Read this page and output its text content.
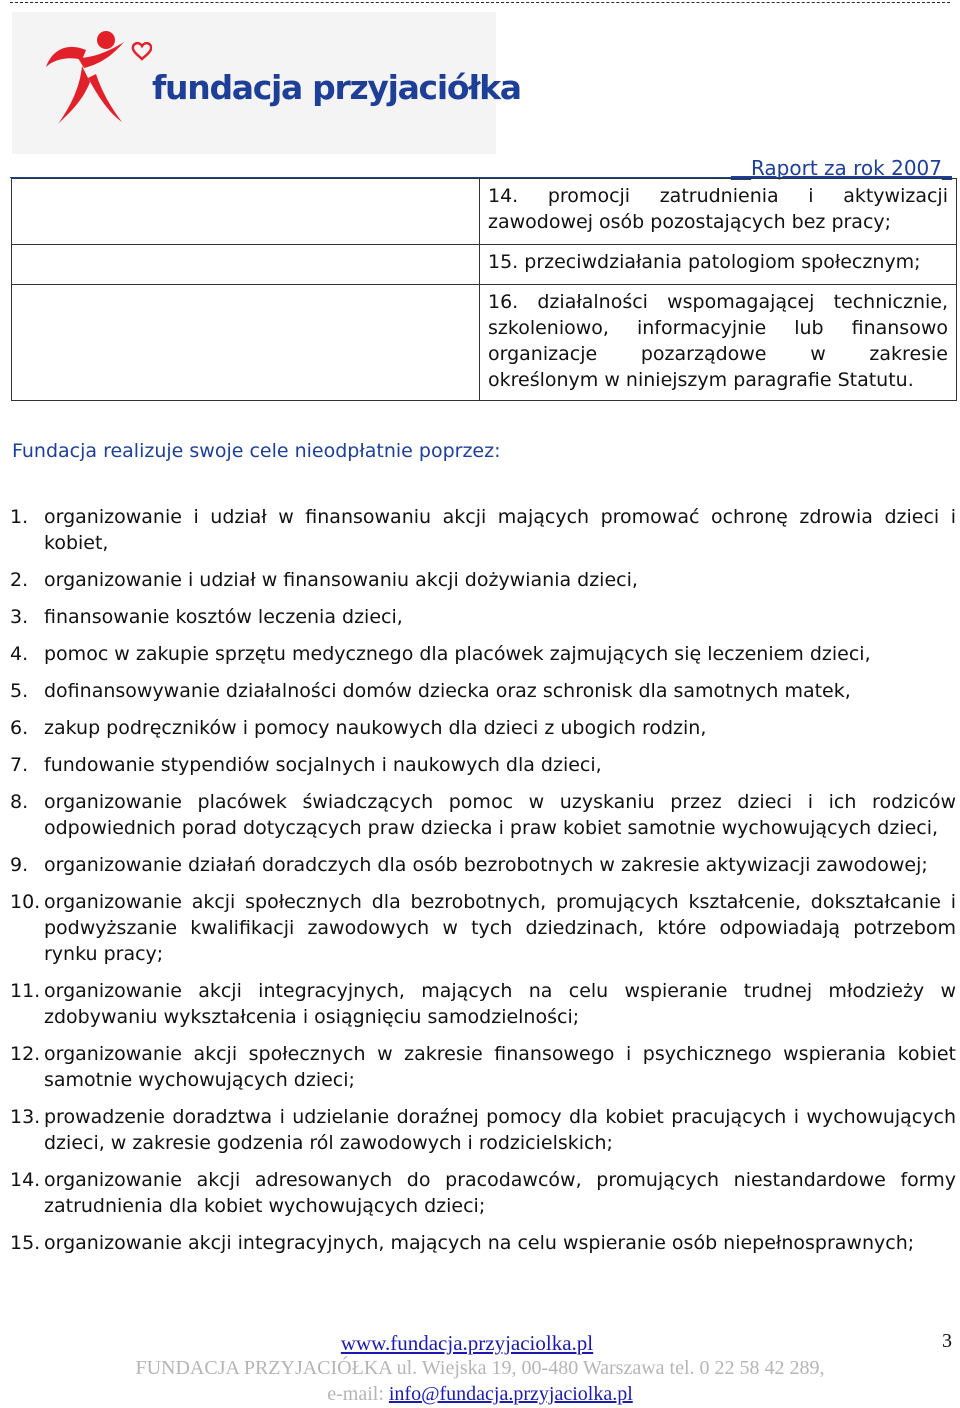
fundacja przyjaciółka
__Raport za rok 2007_
	14. promocji zatrudnienia i aktywizacji zawodowej osób pozostających bez pracy;
	15. przeciwdziałania patologiom społecznym;
	16. działalności wspomagającej technicznie, szkoleniowo, informacyjnie lub finansowo organizacje pozarządowe w zakresie określonym w niniejszym paragrafie Statutu.
Fundacja realizuje swoje cele nieodpłatnie poprzez:
1. organizowanie i udział w finansowaniu akcji mających promować ochronę zdrowia dzieci i kobiet,
2. organizowanie i udział w finansowaniu akcji dożywiania dzieci,
3. finansowanie kosztów leczenia dzieci,
4. pomoc w zakupie sprzętu medycznego dla placówek zajmujących się leczeniem dzieci,
5. dofinansowywanie działalności domów dziecka oraz schronisk dla samotnych matek,
6. zakup podręczników i pomocy naukowych dla dzieci z ubogich rodzin,
7. fundowanie stypendiów socjalnych i naukowych dla dzieci,
8. organizowanie placówek świadczących pomoc w uzyskaniu przez dzieci i ich rodziców odpowiednich porad dotyczących praw dziecka i praw kobiet samotnie wychowujących dzieci,
9. organizowanie działań doradczych dla osób bezrobotnych w zakresie aktywizacji zawodowej;
10. organizowanie akcji społecznych dla bezrobotnych, promujących kształcenie, dokształcanie i podwyższanie kwalifikacji zawodowych w tych dziedzinach, które odpowiadają potrzebom rynku pracy;
11. organizowanie akcji integracyjnych, mających na celu wspieranie trudnej młodzieży w zdobywaniu wykształcenia i osiągnięciu samodzielności;
12. organizowanie akcji społecznych w zakresie finansowego i psychicznego wspierania kobiet samotnie wychowujących dzieci;
13. prowadzenie doradztwa i udzielanie doraźnej pomocy dla kobiet pracujących i wychowujących dzieci, w zakresie godzenia ról zawodowych i rodzicielskich;
14. organizowanie akcji adresowanych do pracodawców, promujących niestandardowe formy zatrudnienia dla kobiet wychowujących dzieci;
15. organizowanie akcji integracyjnych, mających na celu wspieranie osób niepełnosprawnych;
www.fundacja.przyjaciolka.pl	3
FUNDACJA PRZYJACIÓŁKA ul. Wiejska 19, 00-480 Warszawa tel. 0 22 58 42 289,
e-mail: info@fundacja.przyjaciolka.pl
